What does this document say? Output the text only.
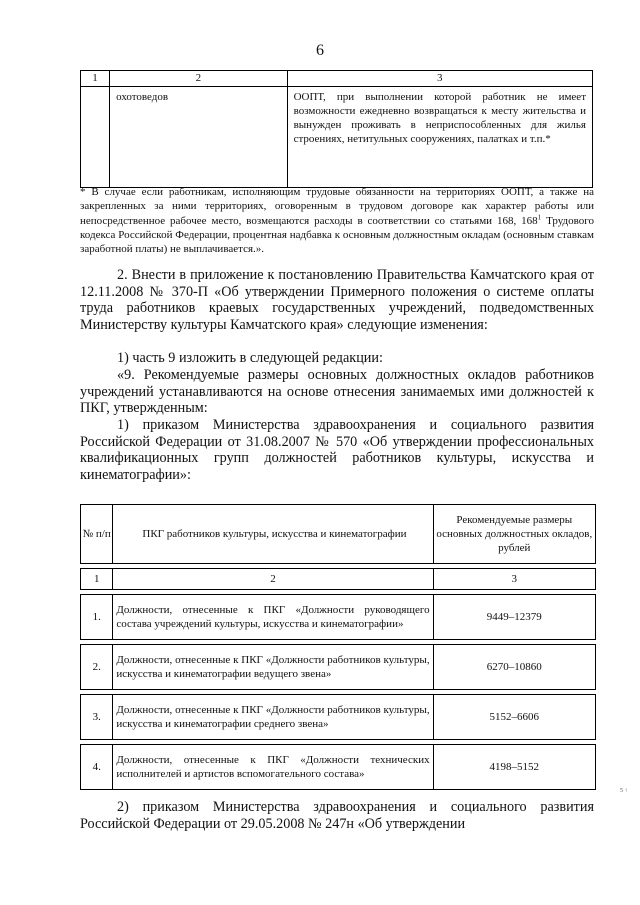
6
1	2	3
	охотоведов	ООПТ, при выполнении которой работник не имеет возможности ежедневно возвращаться к месту жительства и вынужден проживать в неприспособленных для жилья строениях, нетитульных сооружениях, палатках и т.п.*
* В случае если работникам, исполняющим трудовые обязанности на территориях ООПТ, а также на закрепленных за ними территориях, оговоренным в трудовом договоре как характер работы или непосредственное рабочее место, возмещаются расходы в соответствии со статьями 168, $168^1$ Трудового кодекса Российской Федерации, процентная надбавка к основным должностным окладам (основным ставкам заработной платы) не выплачивается.».
2. Внести в приложение к постановлению Правительства Камчатского края от 12.11.2008 № 370-П «Об утверждении Примерного положения о системе оплаты труда работников краевых государственных учреждений, подведомственных Министерству культуры Камчатского края» следующие изменения:
1) часть 9 изложить в следующей редакции:
«9. Рекомендуемые размеры основных должностных окладов работников учреждений устанавливаются на основе отнесения занимаемых ими должностей к ПКГ, утвержденным:
1) приказом Министерства здравоохранения и социального развития Российской Федерации от 31.08.2007 № 570 «Об утверждении профессиональных квалификационных групп должностей работников культуры, искусства и кинематографии»:
№ п/п	ПКГ работников культуры, искусства и кинематографии	Рекомендуемые размеры основных должностных окладов, рублей

1	2	3

1.	Должности, отнесенные к ПКГ «Должности руководящего состава учреждений культуры, искусства и кинематографии»	9449–12379

2.	Должности, отнесенные к ПКГ «Должности работников культуры, искусства и кинематографии ведущего звена»	6270–10860

3.	Должности, отнесенные к ПКГ «Должности работников культуры, искусства и кинематографии среднего звена»	5152–6606

4.	Должности, отнесенные к ПКГ «Должности технических исполнителей и артистов вспомогательного состава»	4198–5152
5 ↑
2) приказом Министерства здравоохранения и социального развития Российской Федерации от 29.05.2008 № 247н «Об утверждении
